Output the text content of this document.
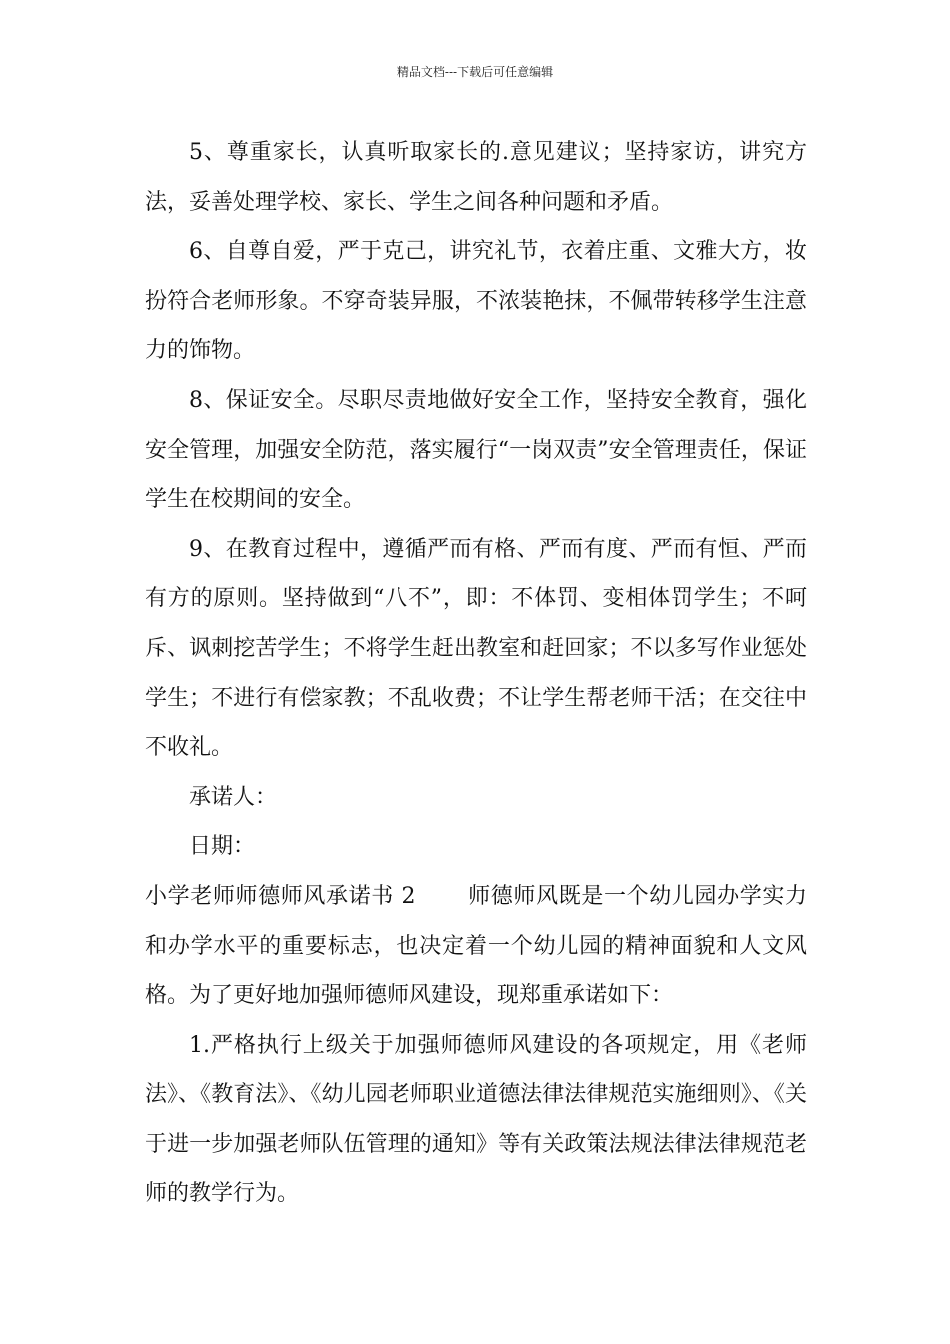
精品文档---下载后可任意编辑

5、尊重家长，认真听取家长的.意见建议；坚持家访，讲究方法，妥善处理学校、家长、学生之间各种问题和矛盾。

6、自尊自爱，严于克己，讲究礼节，衣着庄重、文雅大方，妆扮符合老师形象。不穿奇装异服，不浓装艳抹，不佩带转移学生注意力的饰物。

8、保证安全。尽职尽责地做好安全工作，坚持安全教育，强化安全管理，加强安全防范，落实履行“一岗双责”安全管理责任，保证学生在校期间的安全。

9、在教育过程中，遵循严而有格、严而有度、严而有恒、严而有方的原则。坚持做到“八不”，即：不体罚、变相体罚学生；不呵斥、讽刺挖苦学生；不将学生赶出教室和赶回家；不以多写作业惩处学生；不进行有偿家教；不乱收费；不让学生帮老师干活；在交往中不收礼。

承诺人：

日期：

小学老师师德师风承诺书 2 师德师风既是一个幼儿园办学实力和办学水平的重要标志，也决定着一个幼儿园的精神面貌和人文风格。为了更好地加强师德师风建设，现郑重承诺如下：

1.严格执行上级关于加强师德师风建设的各项规定，用《老师法》、《教育法》、《幼儿园老师职业道德法律法律规范实施细则》、《关于进一步加强老师队伍管理的通知》等有关政策法规法律法律规范老师的教学行为。
